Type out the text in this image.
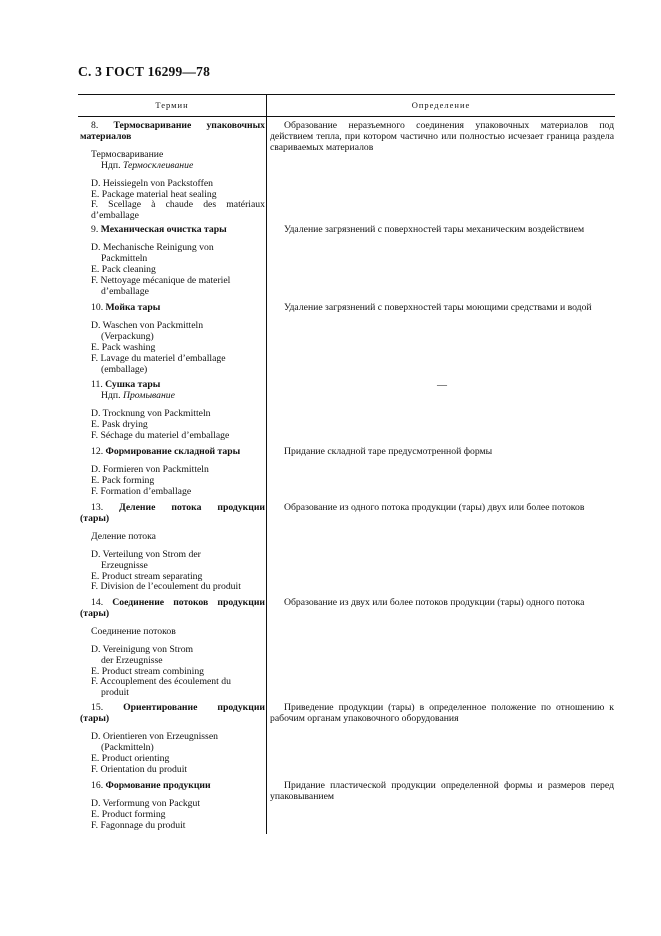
С. 3 ГОСТ 16299—78
Термин	Определение

8. Термосваривание упаковочных

материалов

Термосваривание

Ндп. Термосклеивание

D. Heissiegeln von Packstoffen

E. Package material heat sealing

F. Scellage à chaude des matériaux

d’emballage

Образование неразъемного соединения упаковочных материалов под действием тепла, при котором частично или полностью исчезает граница раздела свариваемых материалов

9. Механическая очистка тары

D. Mechanische Reinigung von

Packmitteln

E. Pack cleaning

F. Nettoyage mécanique de materiel

d’emballage

Удаление загрязнений с поверхностей тары механическим воздействием

10. Мойка тары

D. Waschen von Packmitteln

(Verpackung)

E. Pack washing

F. Lavage du materiel d’emballage

(emballage)

Удаление загрязнений с поверхностей тары моющими средствами и водой

11. Сушка тары

Ндп. Промывание

D. Trocknung von Packmitteln

E. Pask drying

F. Séchage du materiel d’emballage

—

12. Формирование складной тары

D. Formieren von Packmitteln

E. Pack forming

F. Formation d’emballage

Придание складной таре предусмотренной формы

13. Деление потока продукции

(тары)

Деление потока

D. Verteilung von Strom der

Erzeugnisse

E. Product stream separating

F. Division de l’ecoulement du produit

Образование из одного потока продукции (тары) двух или более потоков

14. Соединение потоков продукции

(тары)

Соединение потоков

D. Vereinigung von Strom

der Erzeugnisse

E. Product stream combining

F. Accouplement des écoulement du

produit

Образование из двух или более потоков продукции (тары) одного потока

15. Ориентирование продукции

(тары)

D. Orientieren von Erzeugnissen

(Packmitteln)

E. Product orienting

F. Orientation du produit

Приведение продукции (тары) в определенное положение по отношению к рабочим органам упаковочного оборудования

16. Формование продукции

D. Verformung von Packgut

E. Product forming

F. Fagonnage du produit

Придание пластической продукции определенной формы и размеров перед упаковыванием
